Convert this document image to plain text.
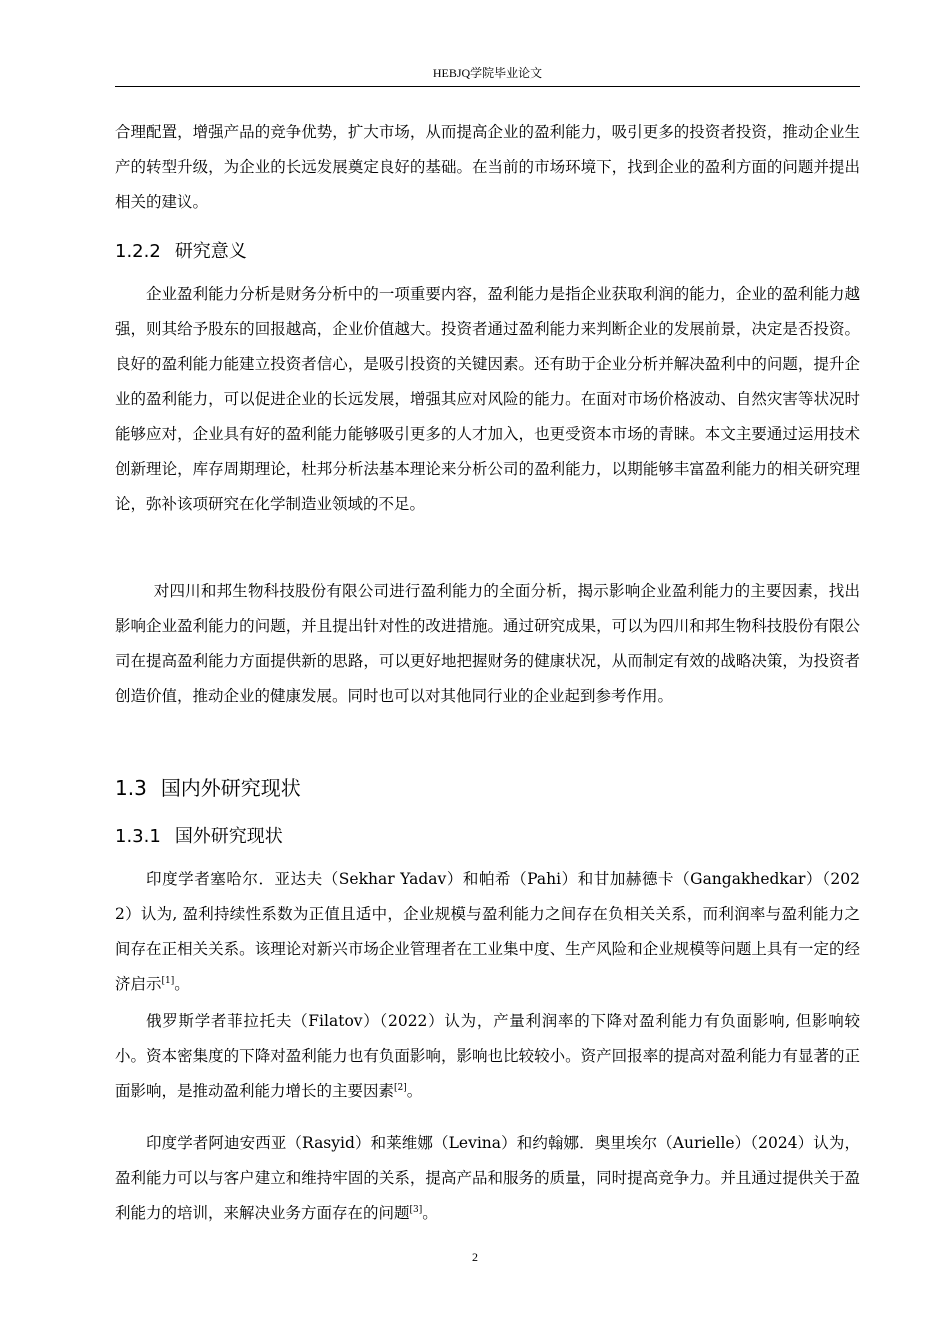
HEBJQ学院毕业论文

合理配置，增强产品的竞争优势，扩大市场，从而提高企业的盈利能力，吸引更多的投资者投资，推动企业生产的转型升级，为企业的长远发展奠定良好的基础。在当前的市场环境下，找到企业的盈利方面的问题并提出相关的建议。

1.2.2 研究意义

企业盈利能力分析是财务分析中的一项重要内容，盈利能力是指企业获取利润的能力，企业的盈利能力越强，则其给予股东的回报越高，企业价值越大。投资者通过盈利能力来判断企业的发展前景，决定是否投资。良好的盈利能力能建立投资者信心，是吸引投资的关键因素。还有助于企业分析并解决盈利中的问题，提升企业的盈利能力，可以促进企业的长远发展，增强其应对风险的能力。在面对市场价格波动、自然灾害等状况时能够应对，企业具有好的盈利能力能够吸引更多的人才加入，也更受资本市场的青睐。本文主要通过运用技术创新理论，库存周期理论，杜邦分析法基本理论来分析公司的盈利能力，以期能够丰富盈利能力的相关研究理论，弥补该项研究在化学制造业领域的不足。

对四川和邦生物科技股份有限公司进行盈利能力的全面分析，揭示影响企业盈利能力的主要因素，找出影响企业盈利能力的问题，并且提出针对性的改进措施。通过研究成果，可以为四川和邦生物科技股份有限公司在提高盈利能力方面提供新的思路，可以更好地把握财务的健康状况，从而制定有效的战略决策，为投资者创造价值，推动企业的健康发展。同时也可以对其他同行业的企业起到参考作用。

1.3 国内外研究现状
1.3.1 国外研究现状

印度学者塞哈尔．亚达夫（Sekhar Yadav）和帕希（Pahi）和甘加赫德卡（Gangakhedkar）（2022）认为, 盈利持续性系数为正值且适中，企业规模与盈利能力之间存在负相关关系，而利润率与盈利能力之间存在正相关关系。该理论对新兴市场企业管理者在工业集中度、生产风险和企业规模等问题上具有一定的经济启示[1]。

俄罗斯学者菲拉托夫（Filatov）（2022）认为，产量利润率的下降对盈利能力有负面影响, 但影响较小。资本密集度的下降对盈利能力也有负面影响，影响也比较较小。资产回报率的提高对盈利能力有显著的正面影响，是推动盈利能力增长的主要因素[2]。

印度学者阿迪安西亚（Rasyid）和莱维娜（Levina）和约翰娜．奥里埃尔（Aurielle）（2024）认为，盈利能力可以与客户建立和维持牢固的关系，提高产品和服务的质量，同时提高竞争力。并且通过提供关于盈利能力的培训，来解决业务方面存在的问题[3]。

2
